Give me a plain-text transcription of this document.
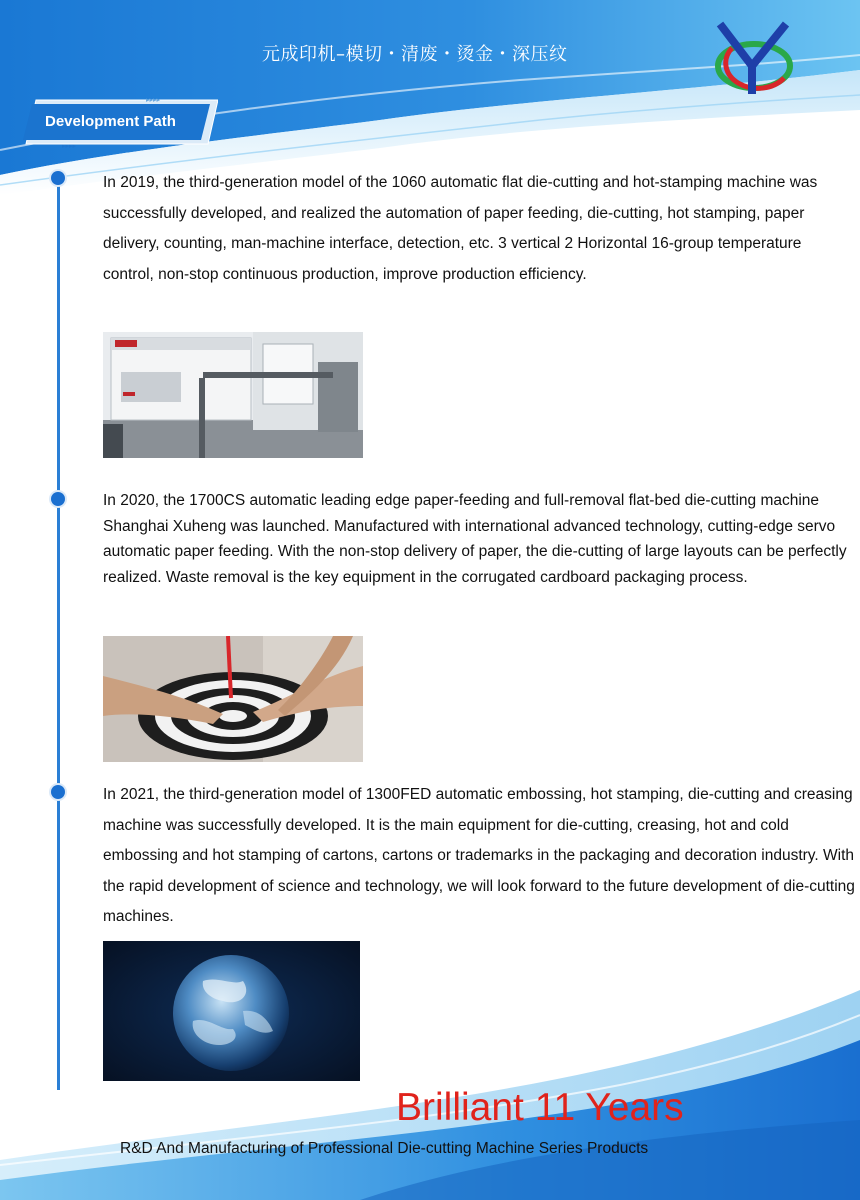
元成印机–模切・清废・烫金・深压纹
▸▸▸▸
▸▸▸▸
Development Path

In 2019, the third-generation model of the 1060 automatic flat die-cutting and hot-stamping machine was successfully developed, and realized the automation of paper feeding, die-cutting, hot stamping, paper delivery, counting, man-machine interface, detection, etc. 3 vertical 2 Horizontal 16-group temperature control, non-stop continuous production, improve production efficiency.

In 2020, the 1700CS automatic leading edge paper-feeding and full-removal flat-bed die-cutting machine Shanghai Xuheng was launched. Manufactured with international advanced technology, cutting-edge servo automatic paper feeding. With the non-stop delivery of paper, the die-cutting of large layouts can be perfectly realized. Waste removal is the key equipment in the corrugated cardboard packaging process.

In 2021, the third-generation model of 1300FED automatic embossing, hot stamping, die-cutting and creasing machine was successfully developed. It is the main equipment for die-cutting, creasing, hot and cold embossing and hot stamping of cartons, cartons or trademarks in the packaging and decoration industry. With the rapid development of science and technology, we will look forward to the future development of die-cutting machines.

Brilliant 11 Years
R&D And Manufacturing of Professional Die-cutting Machine Series Products
